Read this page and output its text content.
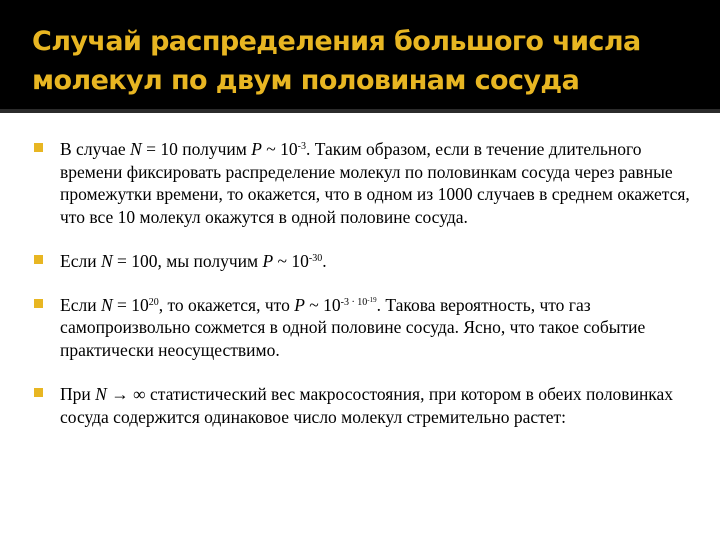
Случай распределения большого числа молекул по двум половинам сосуда
В случае N = 10 получим P ~ $10^{-3}$. Таким образом, если в течение длительного времени фиксировать распределение молекул по половинкам сосуда через равные промежутки времени, то окажется, что в одном из 1000 случаев в среднем окажется, что все 10 молекул окажутся в одной половине сосуда.
Если N = 100, мы получим P ~ $10^{-30}$.
Если $N = 10^{20}$, то окажется, что P ~ $10^{-3 \cdot 10^{-19}}$. Такова вероятность, что газ самопроизвольно сожмется в одной половине сосуда. Ясно, что такое событие практически неосуществимо.
При N → ∞ статистический вес макросостояния, при котором в обеих половинках сосуда содержится одинаковое число молекул стремительно растет:
